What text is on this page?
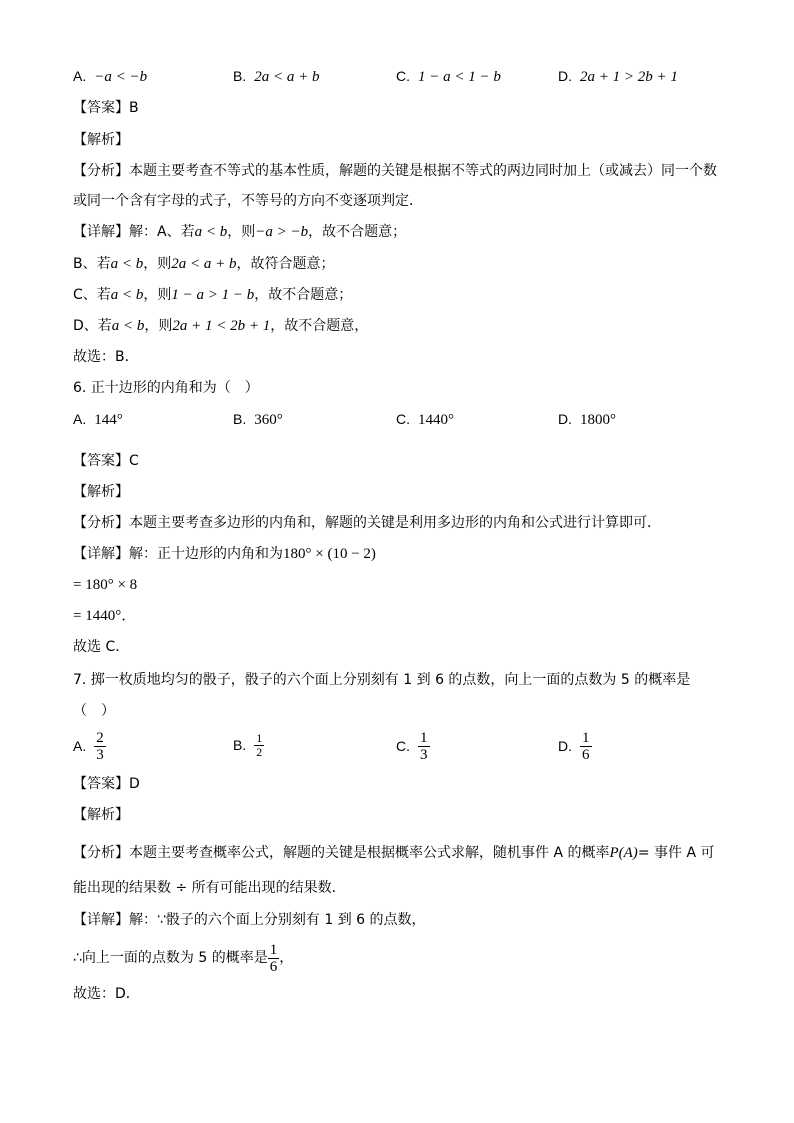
A. −a < −b	B. 2a < a + b	C. 1 − a < 1 − b	D. 2a + 1 > 2b + 1
【答案】B
【解析】
【分析】本题主要考查不等式的基本性质，解题的关键是根据不等式的两边同时加上（或减去）同一个数
或同一个含有字母的式子，不等号的方向不变逐项判定．
【详解】解：A、若a < b，则−a > −b，故不合题意；
B、若a < b，则2a < a + b，故符合题意；
C、若a < b，则1 − a > 1 − b，故不合题意；
D、若a < b，则2a + 1 < 2b + 1，故不合题意，
故选：B．
6. 正十边形的内角和为（　）
A. 144°	B. 360°	C. 1440°	D. 1800°
【答案】C
【解析】
【分析】本题主要考查多边形的内角和，解题的关键是利用多边形的内角和公式进行计算即可．
【详解】解：正十边形的内角和为180° × (10 − 2)
= 180° × 8
= 1440°．
故选 C．
7. 掷一枚质地均匀的骰子，骰子的六个面上分别刻有 1 到 6 的点数，向上一面的点数为 5 的概率是
（　）
A. $\frac{2}{3}$	B. $\frac{1}{2}$	C. $\frac{1}{3}$	D. $\frac{1}{6}$
【答案】D
【解析】
【分析】本题主要考查概率公式，解题的关键是根据概率公式求解，随机事件 A 的概率P(A)= 事件 A 可
能出现的结果数 ÷ 所有可能出现的结果数．
【详解】解：∵骰子的六个面上分别刻有 1 到 6 的点数，
∴向上一面的点数为 5 的概率是 $\frac{1}{6}$ ，
故选：D．
